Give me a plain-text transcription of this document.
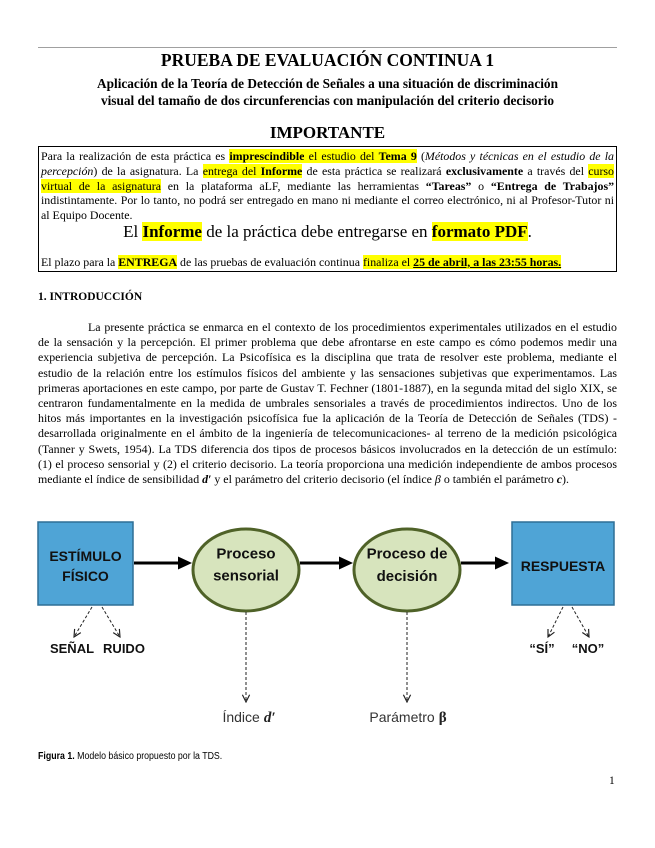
PRUEBA DE EVALUACIÓN CONTINUA 1
Aplicación de la Teoría de Detección de Señales a una situación de discriminación
visual del tamaño de dos circunferencias con manipulación del criterio decisorio
IMPORTANTE
Para la realización de esta práctica es imprescindible el estudio del Tema 9 (Métodos y técnicas en el estudio de la percepción) de la asignatura. La entrega del Informe de esta práctica se realizará exclusivamente a través del curso virtual de la asignatura en la plataforma aLF, mediante las herramientas “Tareas” o “Entrega de Trabajos” indistintamente. Por lo tanto, no podrá ser entregado en mano ni mediante el correo electrónico, ni al Profesor-Tutor ni al Equipo Docente.
El Informe de la práctica debe entregarse en formato PDF.
El plazo para la ENTREGA de las pruebas de evaluación continua finaliza el 25 de abril, a las 23:55 horas.
1. INTRODUCCIÓN
La presente práctica se enmarca en el contexto de los procedimientos experimentales utilizados en el estudio de la sensación y la percepción. El primer problema que debe afrontarse en este campo es cómo podemos medir una experiencia subjetiva de percepción. La Psicofísica es la disciplina que trata de resolver este problema, mediante el estudio de la relación entre los estímulos físicos del ambiente y las sensaciones subjetivas que experimentamos. Las primeras aportaciones en este campo, por parte de Gustav T. Fechner (1801-1887), en la segunda mitad del siglo XIX, se centraron fundamentalmente en la medida de umbrales sensoriales a través de procedimientos indirectos. Uno de los hitos más importantes en la investigación psicofísica fue la aplicación de la Teoría de Detección de Señales (TDS) -desarrollada originalmente en el ámbito de la ingeniería de telecomunicaciones- al terreno de la medición psicológica (Tanner y Swets, 1954). La TDS diferencia dos tipos de procesos básicos involucrados en la detección de un estímulo: (1) el proceso sensorial y (2) el criterio decisorio. La teoría proporciona una medición independiente de ambos procesos mediante el índice de sensibilidad d′ y el parámetro del criterio decisorio (el índice β o también el parámetro c).
ESTÍMULO
FÍSICO
Proceso
sensorial
Proceso de
decisión
RESPUESTA
SEÑAL RUIDO
Índice d′	Parámetro β
“SÍ” “NO”
Figura 1. Modelo básico propuesto por la TDS.
1
